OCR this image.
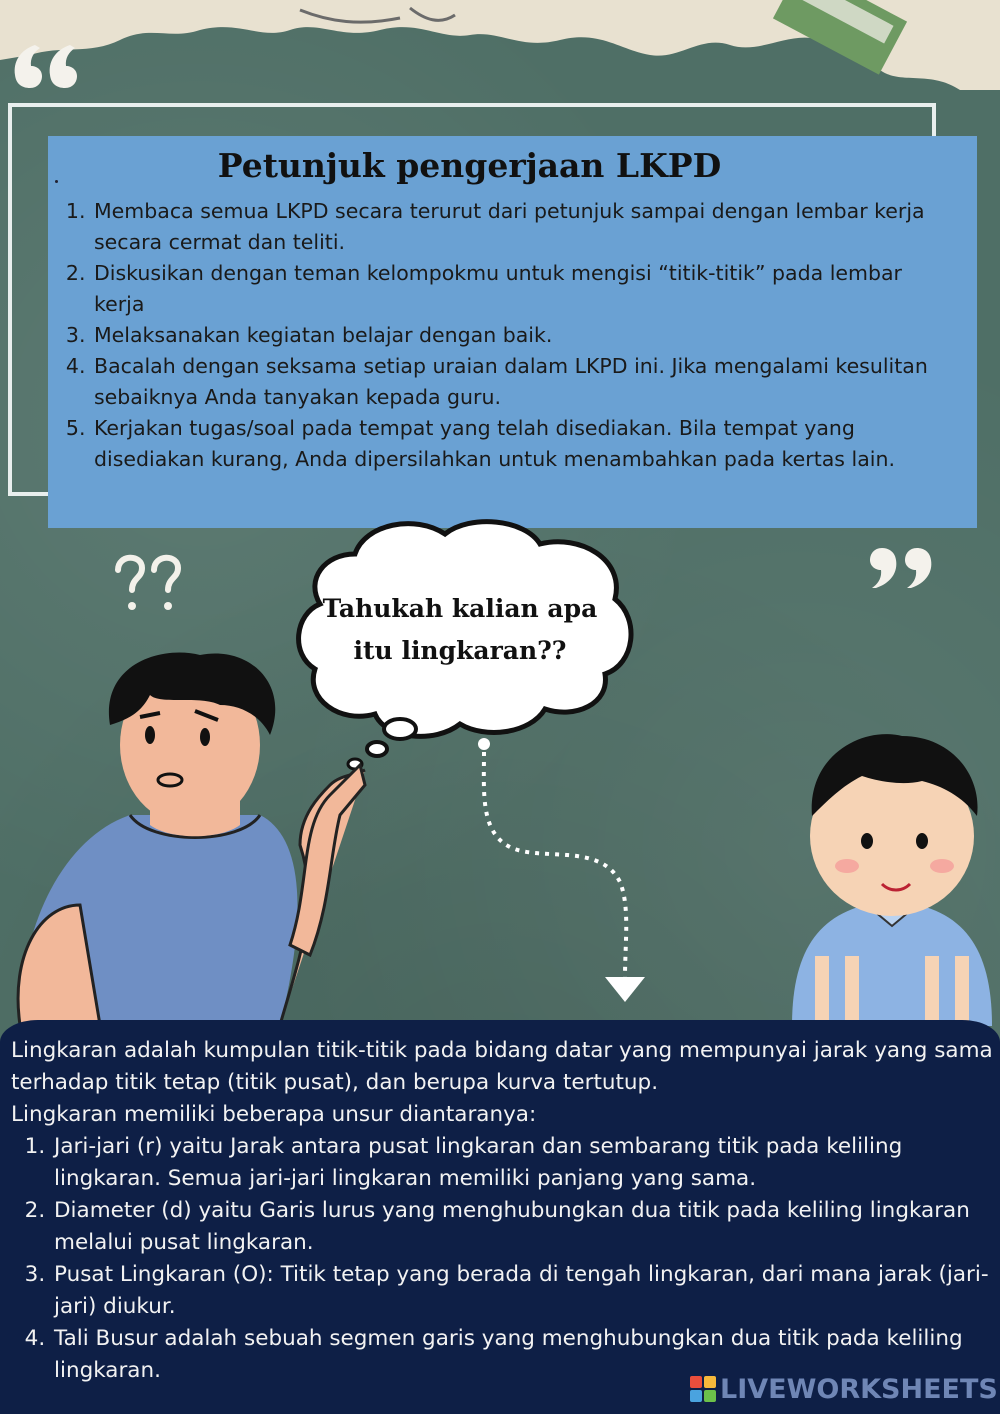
Petunjuk pengerjaan LKPD
1. Membaca semua LKPD secara terurut dari petunjuk sampai dengan lembar kerja secara cermat dan teliti.
2. Diskusikan dengan teman kelompokmu untuk mengisi “titik-titik” pada lembar kerja
3. Melaksanakan kegiatan belajar dengan baik.
4. Bacalah dengan seksama setiap uraian dalam LKPD ini. Jika mengalami kesulitan sebaiknya Anda tanyakan kepada guru.
5. Kerjakan tugas/soal pada tempat yang telah disediakan. Bila tempat yang disediakan kurang, Anda dipersilahkan untuk menambahkan pada kertas lain.
Tahukah kalian apa
itu lingkaran??

Lingkaran adalah kumpulan titik-titik pada bidang datar yang mempunyai jarak yang sama terhadap titik tetap (titik pusat), dan berupa kurva tertutup.

Lingkaran memiliki beberapa unsur diantaranya:

1. Jari-jari (r) yaitu Jarak antara pusat lingkaran dan sembarang titik pada keliling lingkaran. Semua jari-jari lingkaran memiliki panjang yang sama.
2. Diameter (d) yaitu Garis lurus yang menghubungkan dua titik pada keliling lingkaran melalui pusat lingkaran.
3. Pusat Lingkaran (O): Titik tetap yang berada di tengah lingkaran, dari mana jarak (jari-jari) diukur.
4. Tali Busur adalah sebuah segmen garis yang menghubungkan dua titik pada keliling lingkaran.
LIVEWORKSHEETS
